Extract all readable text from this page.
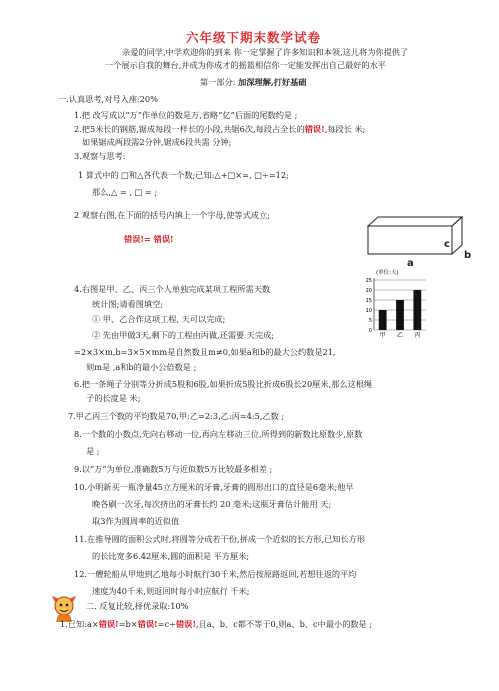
六年级下期末数学试卷
亲爱的同学,中学欢迎你的到来 你一定掌握了许多知识和本领,这儿将为你提供了
一个展示自我的舞台,并成为你成才的摇篮相信你一定能发挥出自己最好的水平
第一部分: 加深理解,打好基础
一.认真思考,对号入座:20%
1.把 改写成以“万”作单位的数是万,省略“亿”后面的尾数约是 ;
2.把5米长的钢筋,锯成每段一样长的小段,共锯6次,每段占全长的错误!,每段长 米;
如果锯成两段需2分钟,锯成6段共需 分钟;
3.观察与思考:
1 算式中的 □和△各代表一个数;已知:△+□×=, □÷=12;
那么,△ = , □ = ;
2 观察右图,在下面的括号内填上一个字母,使等式成立;
错误!= 错误!	c
b
a
4.右图是甲、乙、丙三个人单独完成某项工程所需天数
统计图;请看图填空;
① 甲、乙合作这项工程, 天可以完成;
② 先由甲做3天,剩下的工程由丙做,还需要 天完成;
(单位:天)
0
5
10
15
20
25
甲 乙 丙
=2×3×m,b=3×5×mm是自然数且m≠0,如果a和b的最大公约数是21,
则m是 ,a和b的最小公倍数是 ;
6.把一条绳子分别等分折成5股和6股,如果折成5股比折成6股长20厘米,那么这根绳
子的长度是 米;
7.甲乙丙三个数的平均数是70,甲:乙=2:3,乙:丙=4:5,乙数 ;
8.一个数的小数点,先向右移动一位,再向左移动三位,所得到的新数比原数少,原数
是 ;
9.以“万”为单位,准确数5万与近似数5万比较最多相差 ;
10.小明新买一瓶净量45立方厘米的牙膏,牙膏的圆形出口的直径是6毫米;他早
晚各刷一次牙,每次挤出的牙膏长约 20 毫米;这瓶牙膏估计能用 天;
取3作为圆周率的近似值
11.在推导圆的面积公式时,将圆等分成若干份,拼成一个近似的长方形,已知长方形
的长比宽多6.42厘米,圆的面积是 平方厘米;
12.一艘轮船从甲地到乙地每小时航行30千米,然后按原路返回,若想往返的平均
速度为40千米,则返回时每小时应航行 千米;
二. 反复比较,择优录取:10%
1.已知:a×错误!=b×错误!=c÷错误!,且a、b、c都不等于0,则a、b、c中最小的数是 ;
